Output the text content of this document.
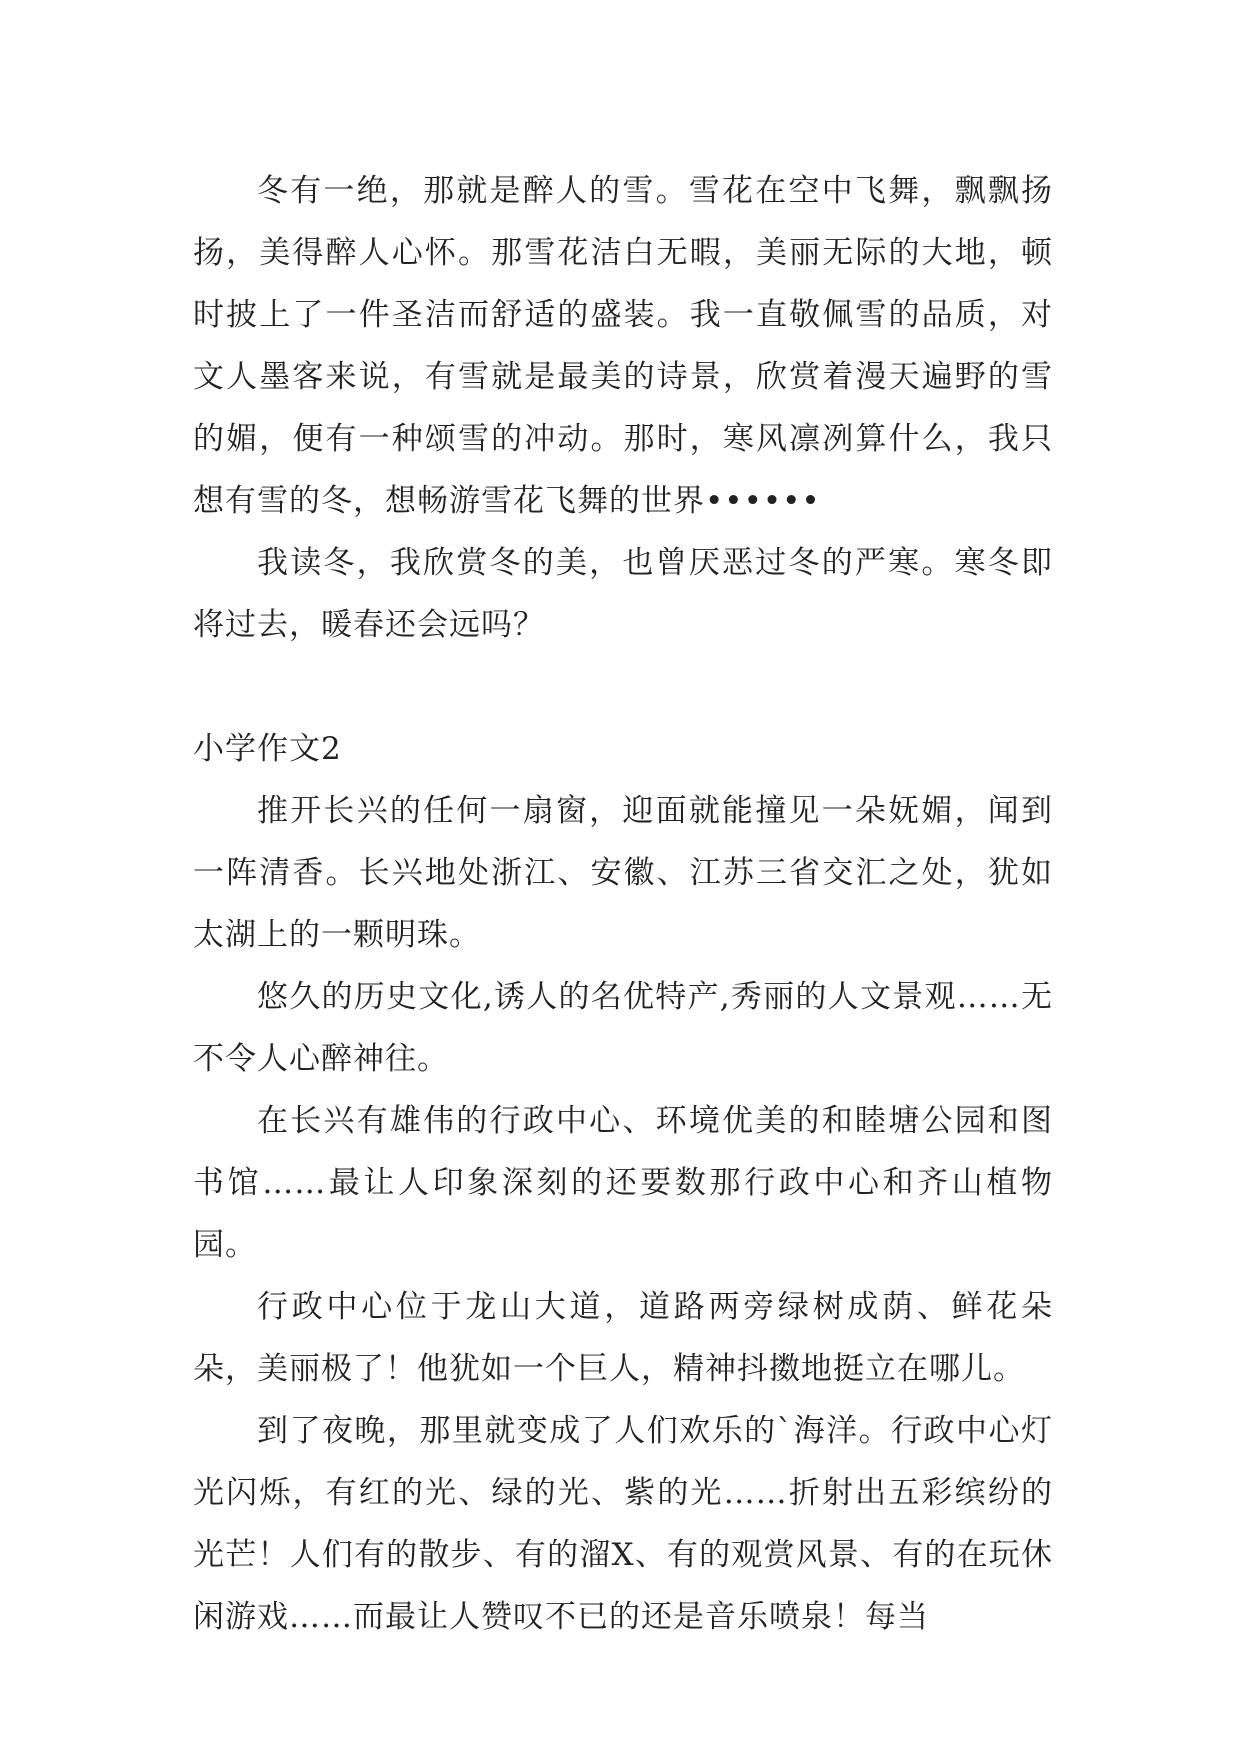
冬有一绝，那就是醉人的雪。雪花在空中飞舞，飘飘扬扬，美得醉人心怀。那雪花洁白无暇，美丽无际的大地，顿时披上了一件圣洁而舒适的盛装。我一直敬佩雪的品质，对文人墨客来说，有雪就是最美的诗景，欣赏着漫天遍野的雪的媚，便有一种颂雪的冲动。那时，寒风凛冽算什么，我只想有雪的冬，想畅游雪花飞舞的世界••••••

我读冬，我欣赏冬的美，也曾厌恶过冬的严寒。寒冬即将过去，暖春还会远吗？

小学作文2

推开长兴的任何一扇窗，迎面就能撞见一朵妩媚，闻到一阵清香。长兴地处浙江、安徽、江苏三省交汇之处，犹如太湖上的一颗明珠。

悠久的历史文化,诱人的名优特产,秀丽的人文景观……无不令人心醉神往。

在长兴有雄伟的行政中心、环境优美的和睦塘公园和图书馆……最让人印象深刻的还要数那行政中心和齐山植物园。

行政中心位于龙山大道，道路两旁绿树成荫、鲜花朵朵，美丽极了！他犹如一个巨人，精神抖擞地挺立在哪儿。

到了夜晚，那里就变成了人们欢乐的`海洋。行政中心灯光闪烁，有红的光、绿的光、紫的光……折射出五彩缤纷的光芒！人们有的散步、有的溜X、有的观赏风景、有的在玩休闲游戏……而最让人赞叹不已的还是音乐喷泉！每当
